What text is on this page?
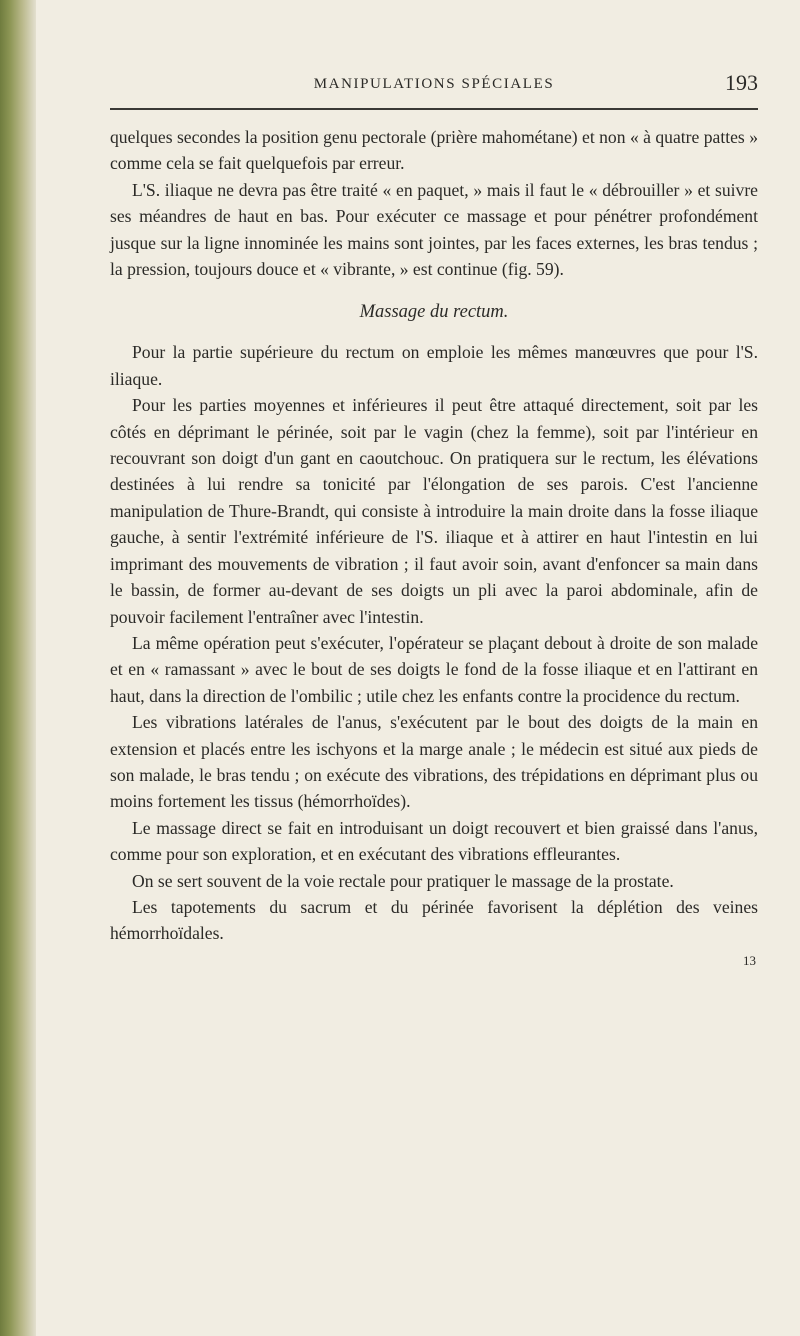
MANIPULATIONS SPÉCIALES	193

quelques secondes la position genu pectorale (prière mahométane) et non « à quatre pattes » comme cela se fait quelquefois par erreur.

L'S. iliaque ne devra pas être traité « en paquet, » mais il faut le « débrouiller » et suivre ses méandres de haut en bas. Pour exécuter ce massage et pour pénétrer profondément jusque sur la ligne innominée les mains sont jointes, par les faces externes, les bras tendus ; la pression, toujours douce et « vibrante, » est continue (fig. 59).

Massage du rectum.

Pour la partie supérieure du rectum on emploie les mêmes manœuvres que pour l'S. iliaque.

Pour les parties moyennes et inférieures il peut être attaqué directement, soit par les côtés en déprimant le périnée, soit par le vagin (chez la femme), soit par l'intérieur en recouvrant son doigt d'un gant en caoutchouc. On pratiquera sur le rectum, les élévations destinées à lui rendre sa tonicité par l'élongation de ses parois. C'est l'ancienne manipulation de Thure-Brandt, qui consiste à introduire la main droite dans la fosse iliaque gauche, à sentir l'extrémité inférieure de l'S. iliaque et à attirer en haut l'intestin en lui imprimant des mouvements de vibration ; il faut avoir soin, avant d'enfoncer sa main dans le bassin, de former au-devant de ses doigts un pli avec la paroi abdominale, afin de pouvoir facilement l'entraîner avec l'intestin.

La même opération peut s'exécuter, l'opérateur se plaçant debout à droite de son malade et en « ramassant » avec le bout de ses doigts le fond de la fosse iliaque et en l'attirant en haut, dans la direction de l'ombilic ; utile chez les enfants contre la procidence du rectum.

Les vibrations latérales de l'anus, s'exécutent par le bout des doigts de la main en extension et placés entre les ischyons et la marge anale ; le médecin est situé aux pieds de son malade, le bras tendu ; on exécute des vibrations, des trépidations en déprimant plus ou moins fortement les tissus (hémorrhoïdes).

Le massage direct se fait en introduisant un doigt recouvert et bien graissé dans l'anus, comme pour son exploration, et en exécutant des vibrations effleurantes.

On se sert souvent de la voie rectale pour pratiquer le massage de la prostate.

Les tapotements du sacrum et du périnée favorisent la déplétion des veines hémorrhoïdales.

13
